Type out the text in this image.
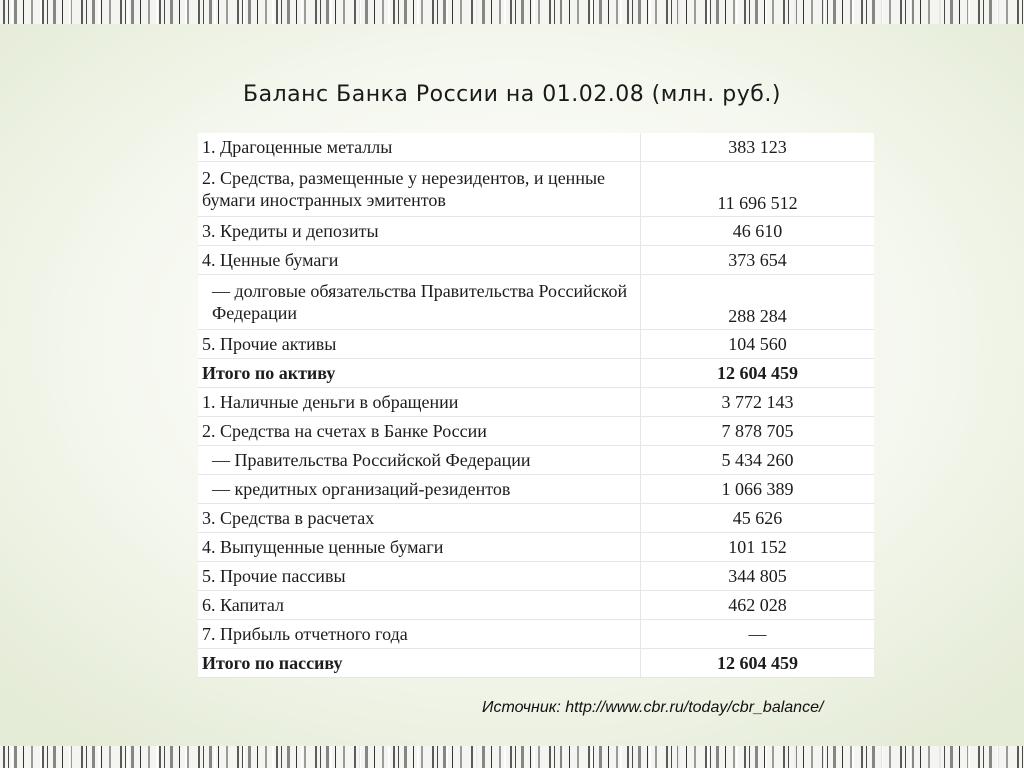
Баланс Банка России на 01.02.08 (млн. руб.)
1. Драгоценные металлы	383 123
2. Средства, размещенные у нерезидентов, и ценные бумаги иностранных эмитентов	11 696 512
3. Кредиты и депозиты	46 610
4. Ценные бумаги	373 654
— долговые обязательства Правительства Российской Федерации	288 284
5. Прочие активы	104 560
Итого по активу	12 604 459
1. Наличные деньги в обращении	3 772 143
2. Средства на счетах в Банке России	7 878 705
— Правительства Российской Федерации	5 434 260
— кредитных организаций-резидентов	1 066 389
3. Средства в расчетах	45 626
4. Выпущенные ценные бумаги	101 152
5. Прочие пассивы	344 805
6. Капитал	462 028
7. Прибыль отчетного года	—
Итого по пассиву	12 604 459
Источник: http://www.cbr.ru/today/cbr_balance/
